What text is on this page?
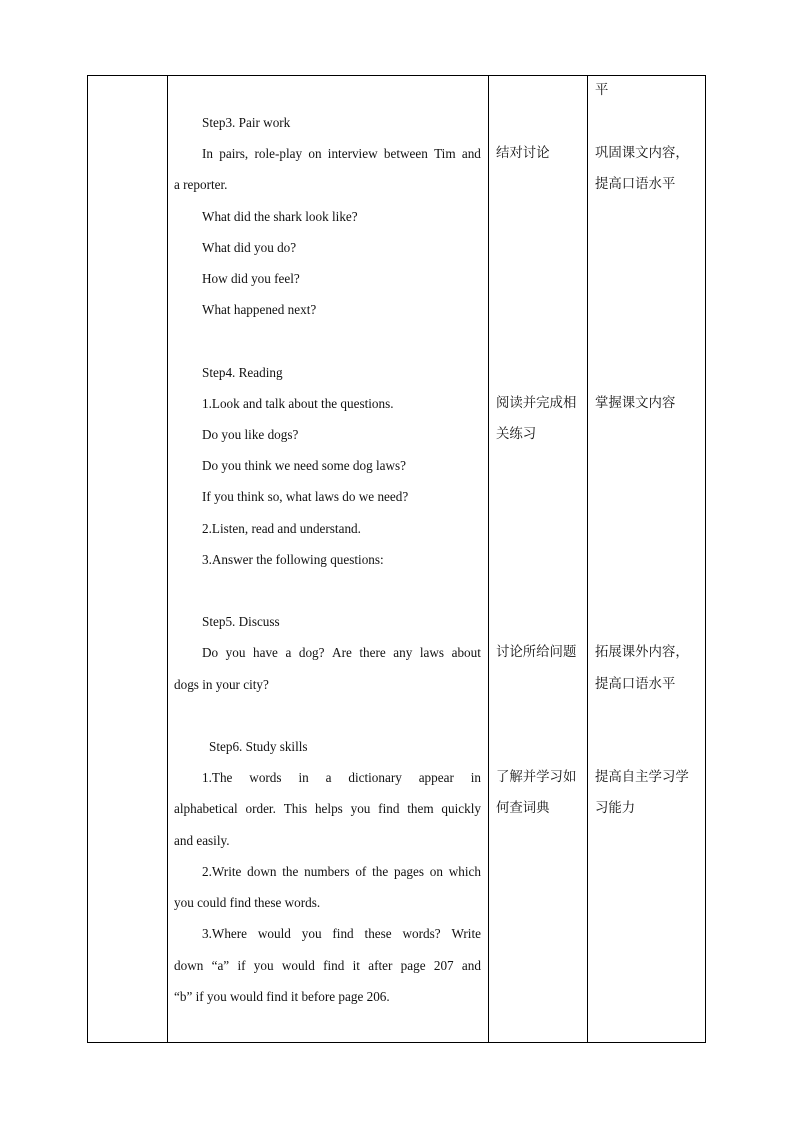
Step3. Pair work
In pairs, role-play on interview between Tim and
a reporter.
What did the shark look like?
What did you do?
How did you feel?
What happened next?
Step4. Reading
1.Look and talk about the questions.
Do you like dogs?
Do you think we need some dog laws?
If you think so, what laws do we need?
2.Listen, read and understand.
3.Answer the following questions:
Step5. Discuss
Do you have a dog? Are there any laws about
dogs in your city?
Step6. Study skills
1.The words in a dictionary appear in
alphabetical order. This helps you find them quickly
and easily.
2.Write down the numbers of the pages on which
you could find these words.
3.Where would you find these words? Write
down “a” if you would find it after page 207 and
“b” if you would find it before page 206.
结对讨论
阅读并完成相
关练习
讨论所给问题
了解并学习如
何查词典
平
巩固课文内容，
提高口语水平
掌握课文内容
拓展课外内容，
提高口语水平
提高自主学习学
习能力
